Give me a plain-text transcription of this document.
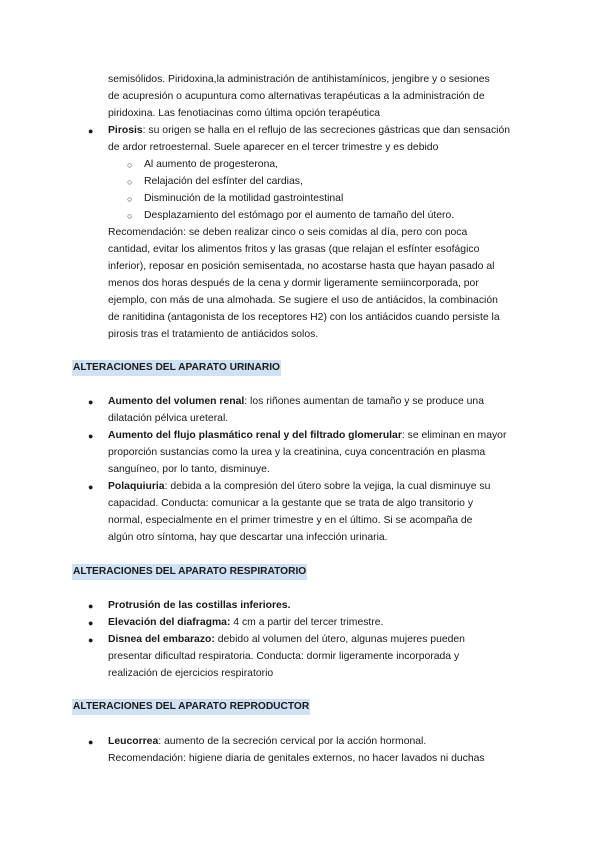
semisólidos. Piridoxina,la administración de antihistamínicos, jengibre y o sesiones
de acupresión o acupuntura como alternativas terapéuticas a la administración de
piridoxina. Las fenotiacinas como última opción terapéutica
● Pirosis: su origen se halla en el reflujo de las secreciones gástricas que dan sensación
de ardor retroesternal. Suele aparecer en el tercer trimestre y es debido
○ Al aumento de progesterona,
○ Relajación del esfínter del cardias,
○ Disminución de la motilidad gastrointestinal
○ Desplazamiento del estómago por el aumento de tamaño del útero.
Recomendación: se deben realizar cinco o seis comidas al día, pero con poca
cantidad, evitar los alimentos fritos y las grasas (que relajan el esfínter esofágico
inferior), reposar en posición semisentada, no acostarse hasta que hayan pasado al
menos dos horas después de la cena y dormir ligeramente semiincorporada, por
ejemplo, con más de una almohada. Se sugiere el uso de antiácidos, la combinación
de ranitidina (antagonista de los receptores H2) con los antiácidos cuando persiste la
pirosis tras el tratamiento de antiácidos solos.
ALTERACIONES DEL APARATO URINARIO
● Aumento del volumen renal: los riñones aumentan de tamaño y se produce una
dilatación pélvica ureteral.
● Aumento del flujo plasmático renal y del filtrado glomerular: se eliminan en mayor
proporción sustancias como la urea y la creatinina, cuya concentración en plasma
sanguíneo, por lo tanto, disminuye.
● Polaquiuria: debida a la compresión del útero sobre la vejiga, la cual disminuye su
capacidad. Conducta: comunicar a la gestante que se trata de algo transitorio y
normal, especialmente en el primer trimestre y en el último. Si se acompaña de
algún otro síntoma, hay que descartar una infección urinaria.
ALTERACIONES DEL APARATO RESPIRATORIO
● Protrusión de las costillas inferiores.
● Elevación del diafragma: 4 cm a partir del tercer trimestre.
● Disnea del embarazo: debido al volumen del útero, algunas mujeres pueden
presentar dificultad respiratoria. Conducta: dormir ligeramente incorporada y
realización de ejercicios respiratorio
ALTERACIONES DEL APARATO REPRODUCTOR
● Leucorrea: aumento de la secreción cervical por la acción hormonal.
Recomendación: higiene diaria de genitales externos, no hacer lavados ni duchas
